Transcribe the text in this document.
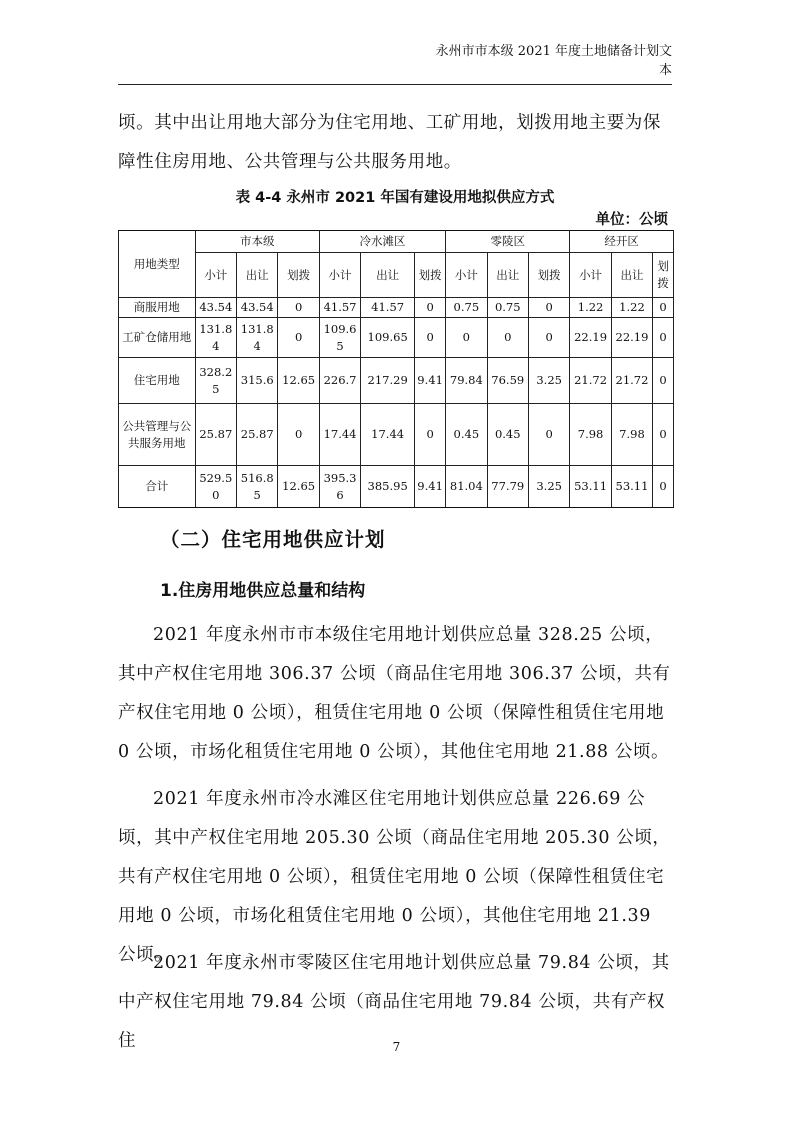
永州市市本级 2021 年度土地储备计划文
本

顷。其中出让用地大部分为住宅用地、工矿用地，划拨用地主要为保障性住房用地、公共管理与公共服务用地。

表 4-4 永州市 2021 年国有建设用地拟供应方式
单位：公顷
用地类型	市本级			冷水滩区			零陵区			经开区		
	小计	出让	划拨	小计	出让	划拨	小计	出让	划拨	小计	出让	划拨
商服用地	43.54	43.54	0	41.57	41.57	0	0.75	0.75	0	1.22	1.22	0
工矿仓储用地	131.84	131.84	0	109.65	109.65	0	0	0	0	22.19	22.19	0
住宅用地	328.25	315.6	12.65	226.7	217.29	9.41	79.84	76.59	3.25	21.72	21.72	0
公共管理与公共服务用地	25.87	25.87	0	17.44	17.44	0	0.45	0.45	0	7.98	7.98	0
合计	529.50	516.85	12.65	395.36	385.95	9.41	81.04	77.79	3.25	53.11	53.11	0
（二）住宅用地供应计划
1.住房用地供应总量和结构

2021 年度永州市市本级住宅用地计划供应总量 328.25 公顷，其中产权住宅用地 306.37 公顷（商品住宅用地 306.37 公顷，共有产权住宅用地 0 公顷），租赁住宅用地 0 公顷（保障性租赁住宅用地 0 公顷，市场化租赁住宅用地 0 公顷），其他住宅用地 21.88 公顷。

2021 年度永州市冷水滩区住宅用地计划供应总量 226.69 公顷，其中产权住宅用地 205.30 公顷（商品住宅用地 205.30 公顷，共有产权住宅用地 0 公顷），租赁住宅用地 0 公顷（保障性租赁住宅用地 0 公顷，市场化租赁住宅用地 0 公顷），其他住宅用地 21.39 公顷。

2021 年度永州市零陵区住宅用地计划供应总量 79.84 公顷，其中产权住宅用地 79.84 公顷（商品住宅用地 79.84 公顷，共有产权住	7
